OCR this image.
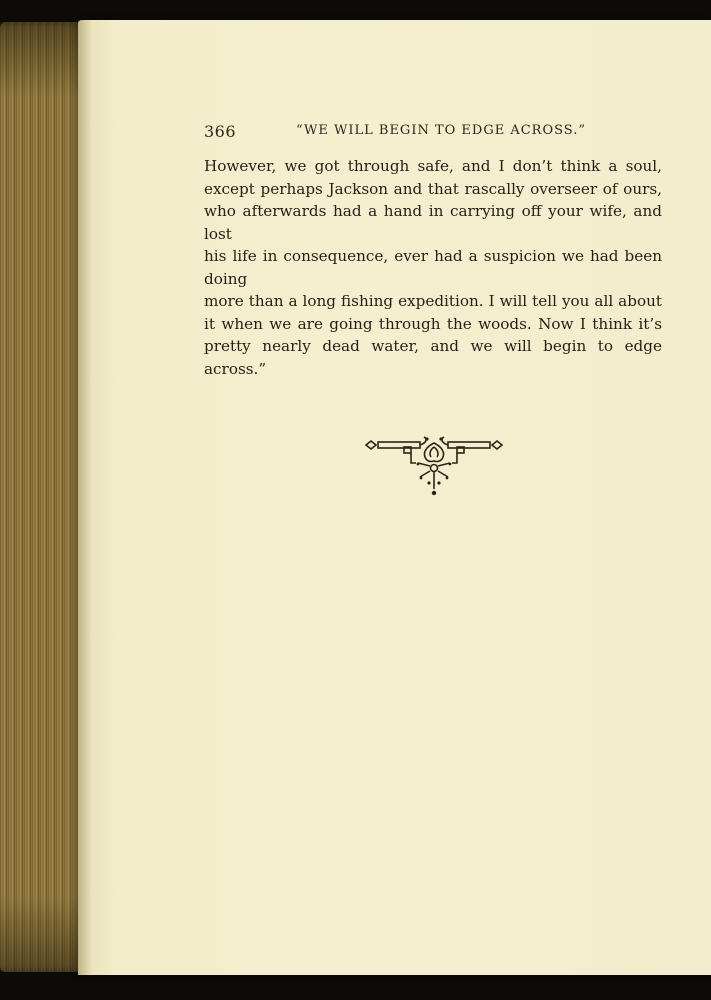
366	“WE WILL BEGIN TO EDGE ACROSS.”
However, we got through safe, and I don’t think a soul,
except perhaps Jackson and that rascally overseer of ours,
who afterwards had a hand in carrying off your wife, and lost
his life in consequence, ever had a suspicion we had been doing
more than a long fishing expedition. I will tell you all about
it when we are going through the woods. Now I think it’s
pretty nearly dead water, and we will begin to edge across.”
